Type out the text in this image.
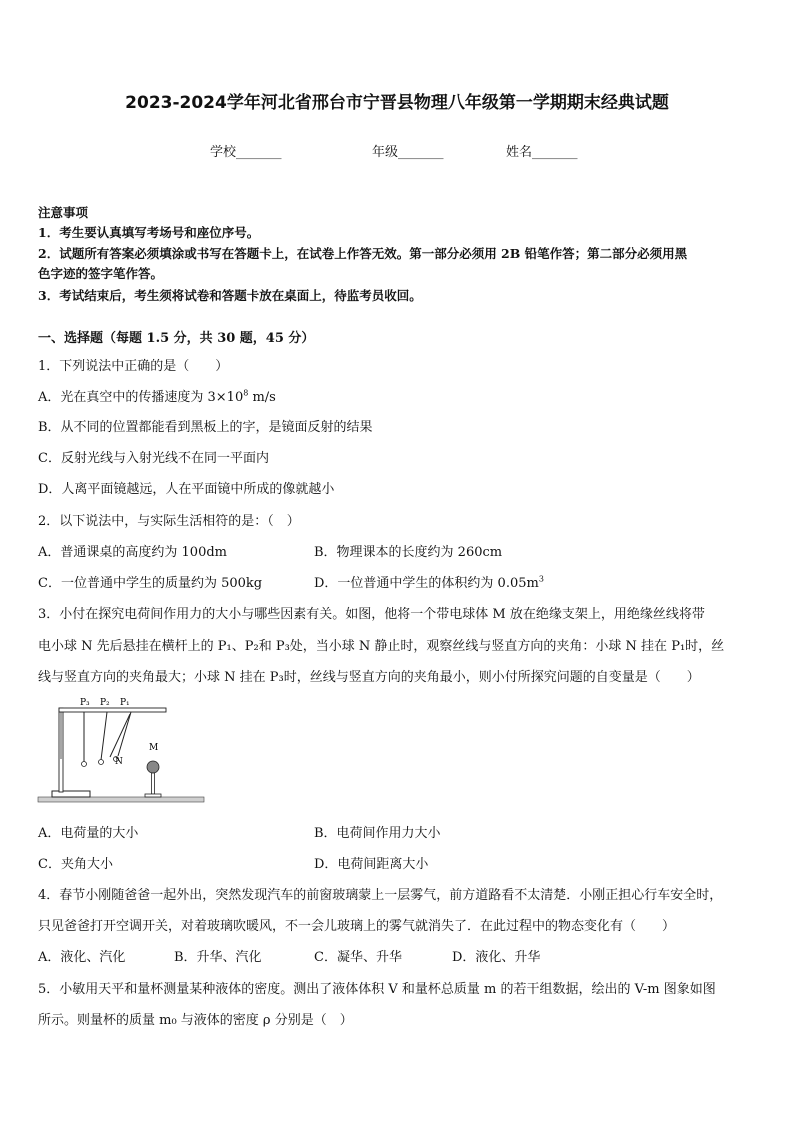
2023-2024学年河北省邢台市宁晋县物理八年级第一学期期末经典试题
学校_______	年级_______	姓名_______
注意事项
1．考生要认真填写考场号和座位序号。
2．试题所有答案必须填涂或书写在答题卡上，在试卷上作答无效。第一部分必须用 2B 铅笔作答；第二部分必须用黑
色字迹的签字笔作答。
3．考试结束后，考生须将试卷和答题卡放在桌面上，待监考员收回。
一、选择题（每题 1.5 分，共 30 题，45 分）
1．下列说法中正确的是（　　）
A．光在真空中的传播速度为 $3\times 10^8$ m/s
B．从不同的位置都能看到黑板上的字，是镜面反射的结果
C．反射光线与入射光线不在同一平面内
D．人离平面镜越远，人在平面镜中所成的像就越小
2．以下说法中，与实际生活相符的是：（　）
A．普通课桌的高度约为 100dm	B．物理课本的长度约为 260cm
C．一位普通中学生的质量约为 500kg	D．一位普通中学生的体积约为 $0.05m^3$
3．小付在探究电荷间作用力的大小与哪些因素有关。如图，他将一个带电球体 M 放在绝缘支架上，用绝缘丝线将带
电小球 N 先后悬挂在横杆上的 P₁、P₂和 P₃处，当小球 N 静止时，观察丝线与竖直方向的夹角：小球 N 挂在 P₁时，丝
线与竖直方向的夹角最大；小球 N 挂在 P₃时，丝线与竖直方向的夹角最小，则小付所探究问题的自变量是（　　）
P₃ P₂ P₁
N
M
A．电荷量的大小	B．电荷间作用力大小
C．夹角大小	D．电荷间距离大小
4．春节小刚随爸爸一起外出，突然发现汽车的前窗玻璃蒙上一层雾气，前方道路看不太清楚．小刚正担心行车安全时，
只见爸爸打开空调开关，对着玻璃吹暖风，不一会儿玻璃上的雾气就消失了．在此过程中的物态变化有（　　）
A．液化、汽化	B．升华、汽化	C．凝华、升华	D．液化、升华
5．小敏用天平和量杯测量某种液体的密度。测出了液体体积 V 和量杯总质量 m 的若干组数据，绘出的 V-m 图象如图
所示。则量杯的质量 m₀ 与液体的密度 ρ 分别是（　）
